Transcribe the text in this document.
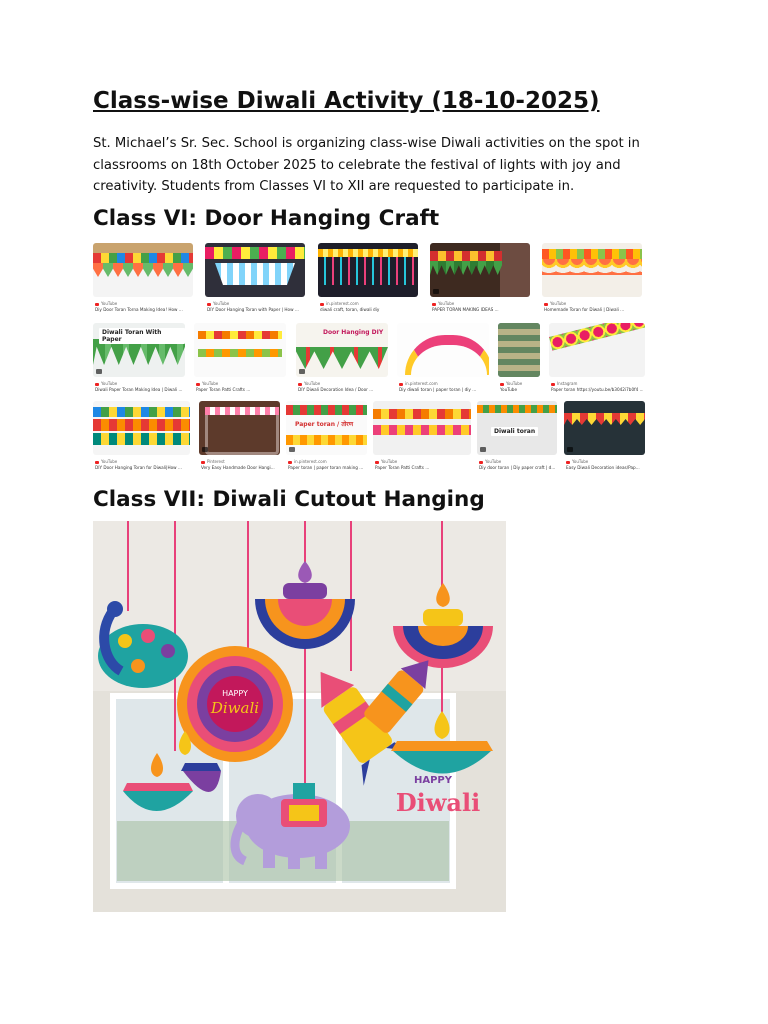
Class-wise Diwali Activity (18-10-2025)
St. Michael’s Sr. Sec. School is organizing class-wise Diwali activities on the spot in classrooms on 18th October 2025 to celebrate the festival of lights with joy and creativity. Students from Classes VI to XII are requested to participate in.
Class VI: Door Hanging Craft
YouTube
Diy Door Toran Torna Making Idea! How ...
YouTube
DIY Door Hanging Toran with Paper | How ...
in.pinterest.com
diwali craft, toran, diwali diy
YouTube
PAPER TORAN MAKING IDEAS ...
YouTube
Homemade Toran for Diwali | Diwali ...
Diwali Toran With Paper
YouTube
Diwali Paper Toran Making Idea | Diwali ...
YouTube
Paper Toran Patti Crafts ...
Door Hanging DIY
YouTube
DIY Diwali Decoration Idea / Door ...
in.pinterest.com
Diy diwali toran | paper toran | diy ...
YouTube
YouTube
Instagram
Paper toran https://youtu.be/b3042i7b0f4 ...
YouTube
DIY Door Hanging Toran for Diwali|How ...
Pinterest
Very Easy Handmade Door Hangi...
Paper toran / तोरण
in.pinterest.com
Paper toran | paper toran making ...
YouTube
Paper Toran Patti Crafts ...
Diwali toran
YouTube
Diy door toran | Diy paper craft | d...
YouTube
Easy Diwali Decoration ideas/Pap...
Class VII: Diwali Cutout Hanging
HAPPY
Diwali
HAPPY
Diwali
